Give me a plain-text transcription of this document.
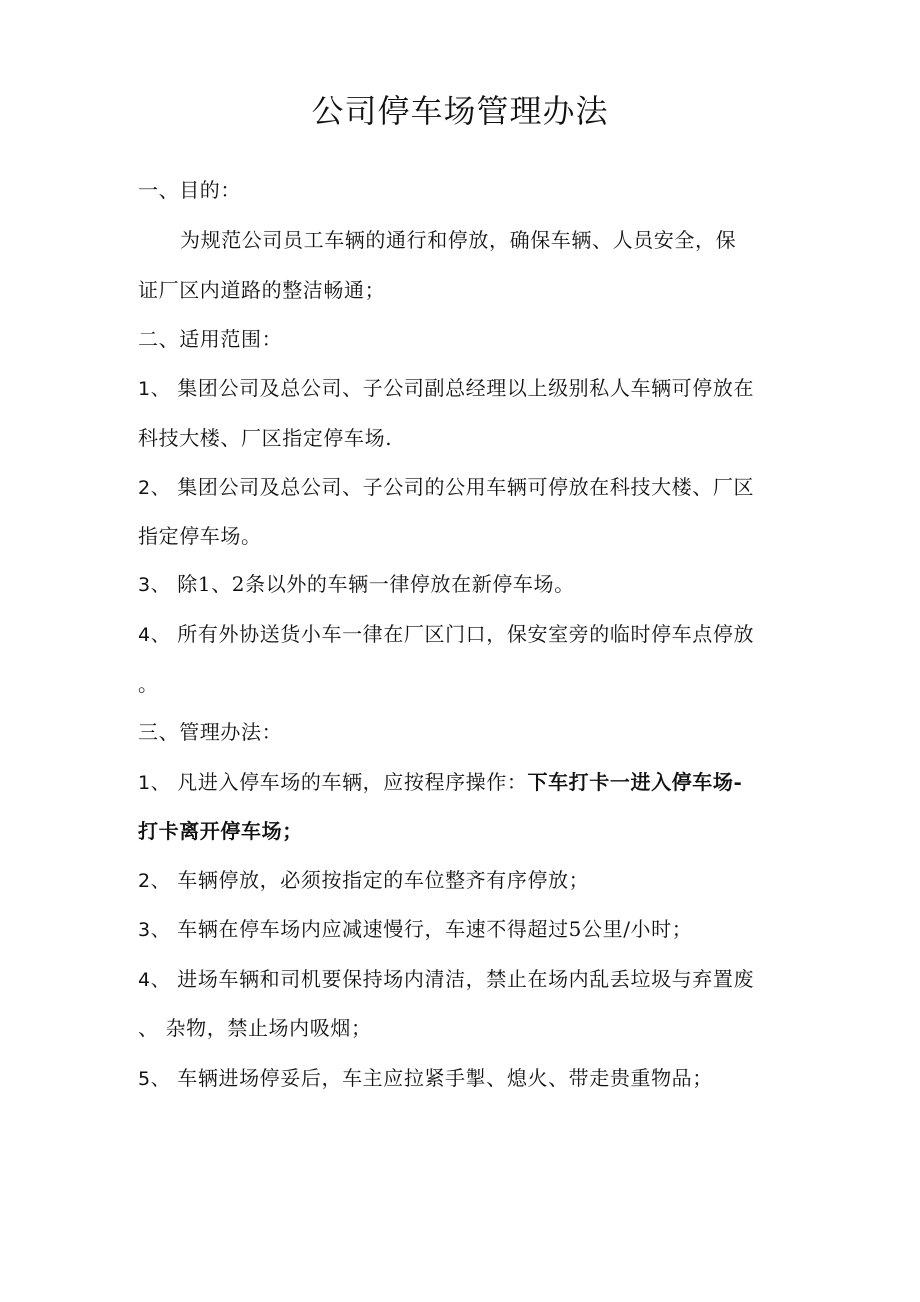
公司停车场管理办法
一、目的：
为规范公司员工车辆的通行和停放，确保车辆、人员安全，保
证厂区内道路的整洁畅通；
二、适用范围：
1、 集团公司及总公司、子公司副总经理以上级别私人车辆可停放在
科技大楼、厂区指定停车场.
2、 集团公司及总公司、子公司的公用车辆可停放在科技大楼、厂区
指定停车场。
3、 除1、2条以外的车辆一律停放在新停车场。
4、 所有外协送货小车一律在厂区门口，保安室旁的临时停车点停放
。
三、管理办法：
1、 凡进入停车场的车辆，应按程序操作：下车打卡一进入停车场-
打卡离开停车场；
2、 车辆停放，必须按指定的车位整齐有序停放；
3、 车辆在停车场内应减速慢行，车速不得超过5公里/小时；
4、 进场车辆和司机要保持场内清洁，禁止在场内乱丢垃圾与弃置废
、 杂物，禁止场内吸烟；
5、 车辆进场停妥后，车主应拉紧手掣、熄火、带走贵重物品；
